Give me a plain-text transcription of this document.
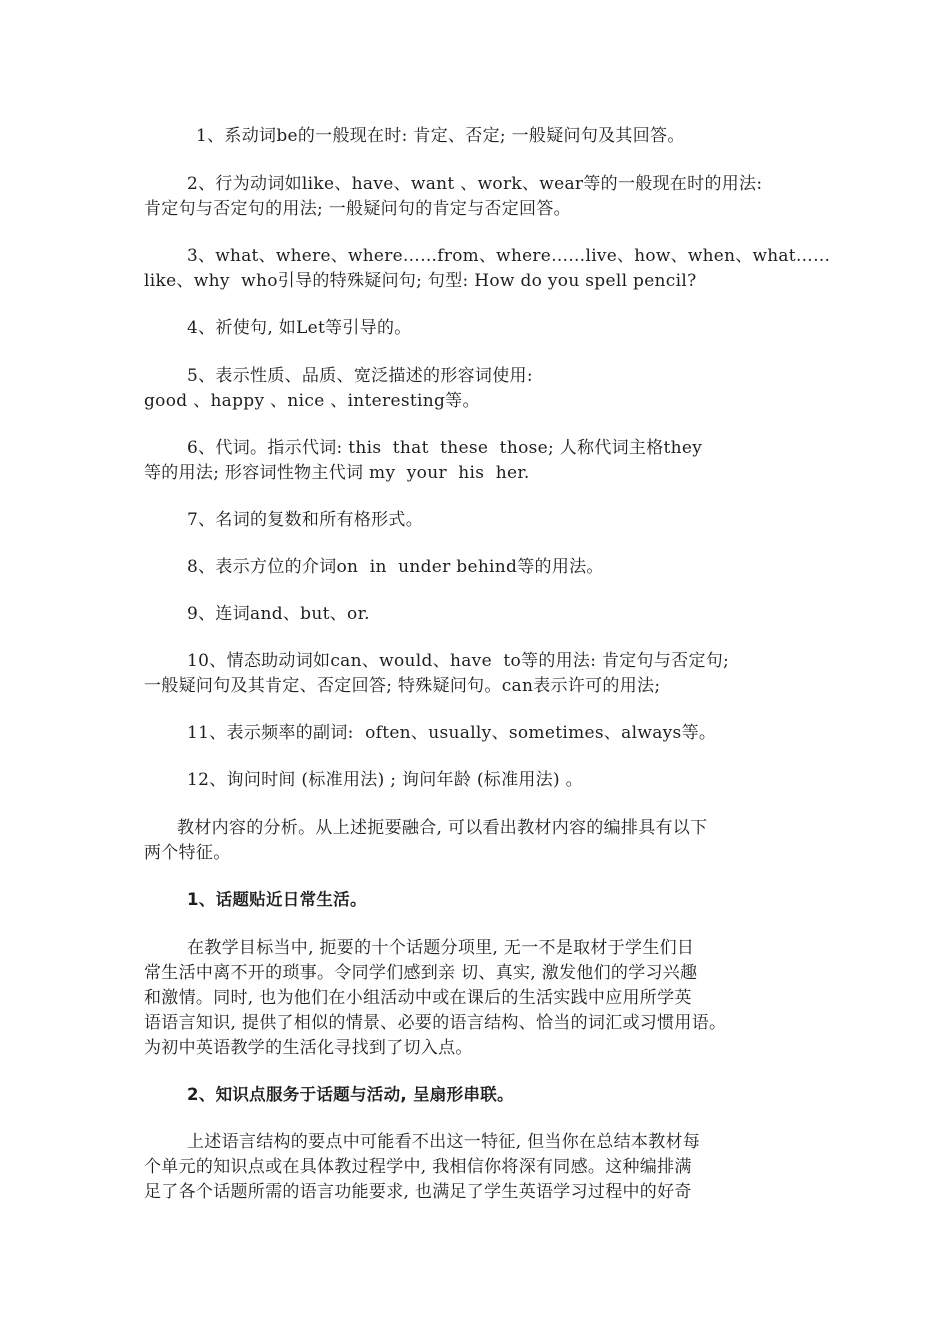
1、系动词be的一般现在时: 肯定、否定; 一般疑问句及其回答。
2、行为动词如like、have、want 、work、wear等的一般现在时的用法:
肯定句与否定句的用法; 一般疑问句的肯定与否定回答。
3、what、where、where……from、where……live、how、when、what……
like、why  who引导的特殊疑问句; 句型: How do you spell pencil?
4、祈使句, 如Let等引导的。
5、表示性质、品质、宽泛描述的形容词使用:
good 、happy 、nice 、interesting等。
6、代词。指示代词: this  that  these  those; 人称代词主格they
等的用法; 形容词性物主代词 my  your  his  her.
7、名词的复数和所有格形式。
8、表示方位的介词on  in  under behind等的用法。
9、连词and、but、or.
10、情态助动词如can、would、have  to等的用法: 肯定句与否定句;
一般疑问句及其肯定、否定回答; 特殊疑问句。can表示许可的用法;
11、表示频率的副词:  often、usually、sometimes、always等。
12、询问时间 (标准用法) ; 询问年龄 (标准用法) 。
教材内容的分析。从上述扼要融合, 可以看出教材内容的编排具有以下
两个特征。
1、话题贴近日常生活。
在教学目标当中, 扼要的十个话题分项里, 无一不是取材于学生们日
常生活中离不开的琐事。令同学们感到亲 切、真实, 激发他们的学习兴趣
和激情。同时, 也为他们在小组活动中或在课后的生活实践中应用所学英
语语言知识, 提供了相似的情景、必要的语言结构、恰当的词汇或习惯用语。
为初中英语教学的生活化寻找到了切入点。
2、知识点服务于话题与活动, 呈扇形串联。
上述语言结构的要点中可能看不出这一特征, 但当你在总结本教材每
个单元的知识点或在具体教过程学中, 我相信你将深有同感。这种编排满
足了各个话题所需的语言功能要求, 也满足了学生英语学习过程中的好奇
